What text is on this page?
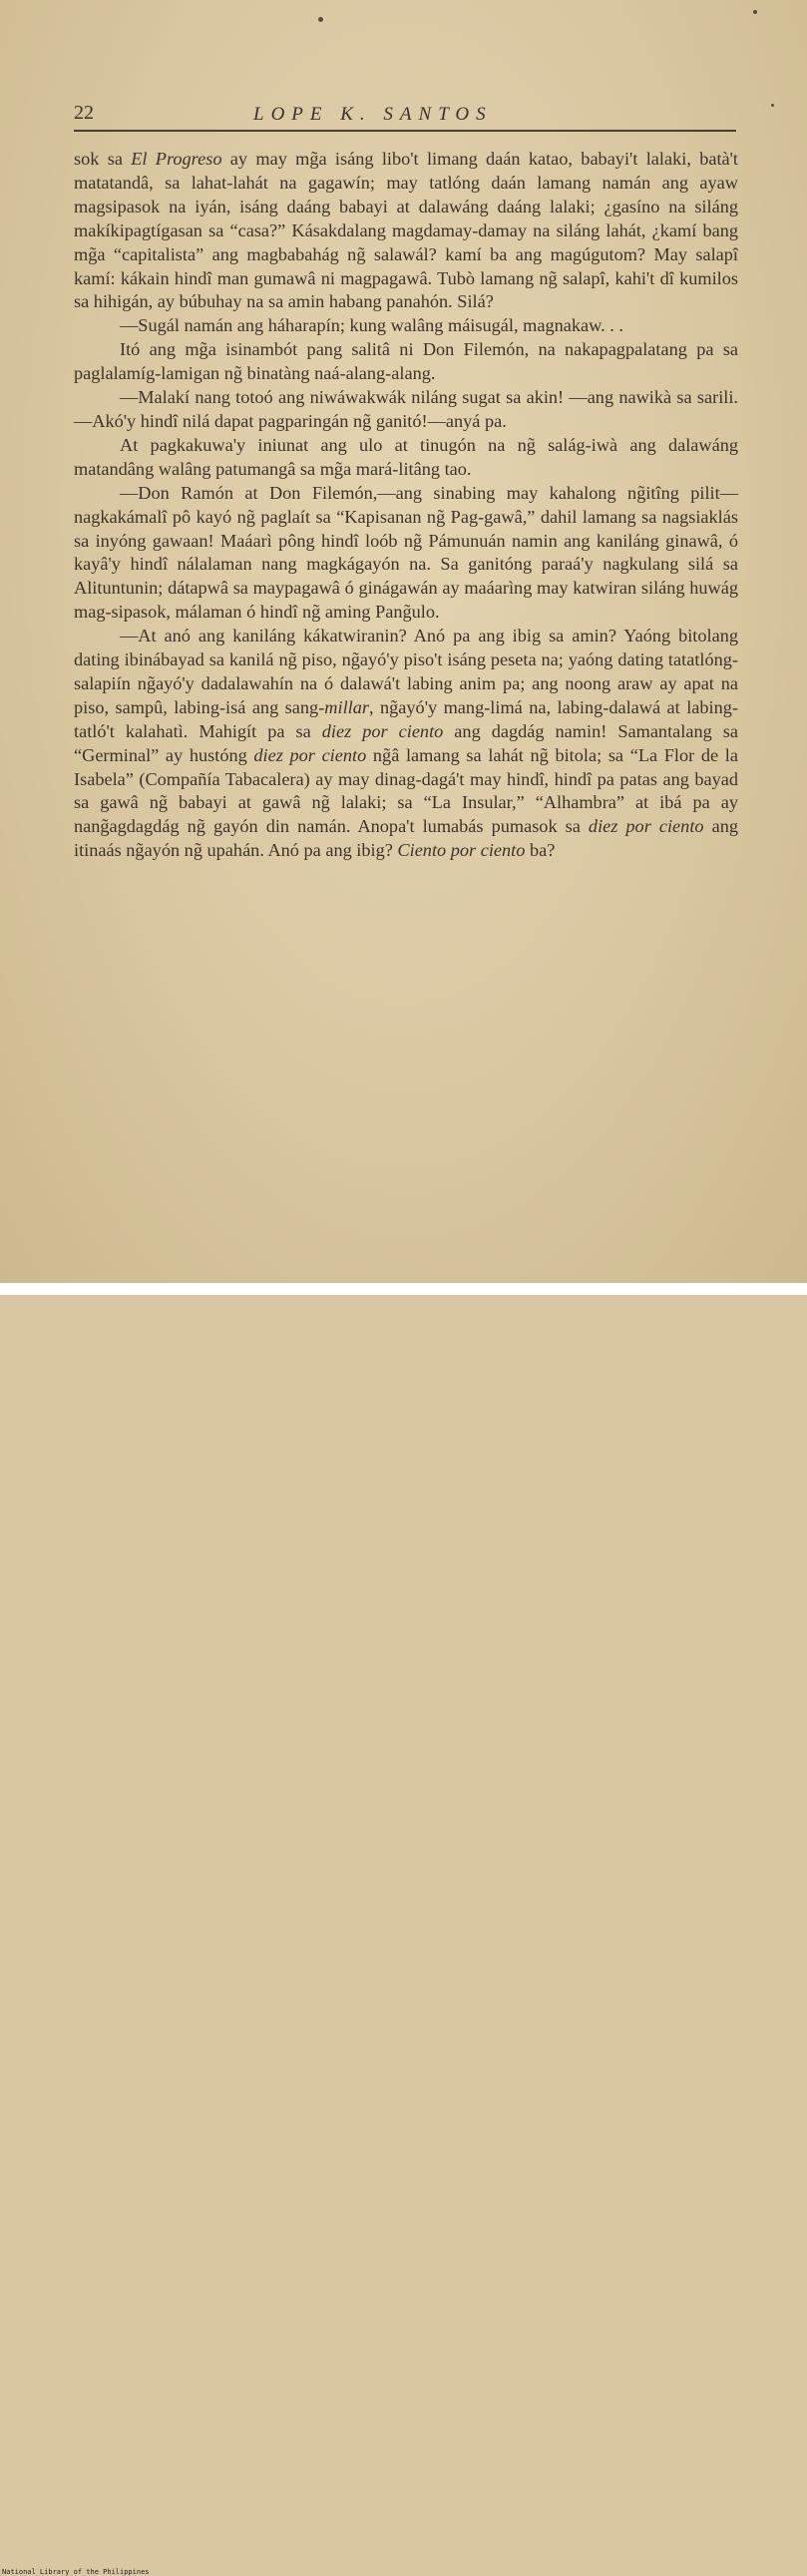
22	LOPE K. SANTOS

sok sa El Progreso ay may mg̃a isáng libo't limang daán katao, babayi't lalaki, batà't matatandâ, sa lahat-lahát na gagawín; may tatlóng daán lamang namán ang ayaw magsipasok na iyán, isáng daáng babayi at dalawáng daáng lalaki; ¿gasíno na siláng makíkipagtígasan sa “casa?” Kásakdalang magdamay-damay na siláng lahát, ¿kamí bang mg̃a “capitalista” ang magbabahág ng̃ salawál? kamí ba ang magúgutom? May salapî kamí: kákain hindî man gumawâ ni magpagawâ. Tubò lamang ng̃ salapî, kahi't dî kumilos sa hihigán, ay búbuhay na sa amin habang panahón. Silá?

—Sugál namán ang háharapín; kung walâng máisugál, magnakaw. . .

Itó ang mg̃a isinambót pang salitâ ni Don Filemón, na nakapagpalatang pa sa paglalamíg-lamigan ng̃ binatàng naá-alang-alang.

—Malakí nang totoó ang niwáwakwák niláng sugat sa akin! —ang nawikà sa sarili.—Akó'y hindî nilá dapat pagparingán ng̃ ganitó!—anyá pa.

At pagkakuwa'y iniunat ang ulo at tinugón na ng̃ salág-iwà ang dalawáng matandâng walâng patumangâ sa mg̃a mará-litâng tao.

—Don Ramón at Don Filemón,—ang sinabing may kahalong ng̃itîng pilit—nagkakámalî pô kayó ng̃ paglaít sa “Kapisanan ng̃ Pag-gawâ,” dahil lamang sa nagsiaklás sa inyóng gawaan! Maáarì pông hindî loób ng̃ Pámunuán namin ang kaniláng ginawâ, ó kayâ'y hindî nálalaman nang magkágayón na. Sa ganitóng paraá'y nagkulang silá sa Alituntunin; dátapwâ sa maypagawâ ó ginágawán ay maáarìng may katwiran siláng huwág mag-sipasok, málaman ó hindî ng̃ aming Pang̃ulo.

—At anó ang kaniláng kákatwiranin? Anó pa ang ibig sa amin? Yaóng bitolang dating ibinábayad sa kanilá ng̃ piso, ng̃ayó'y piso't isáng peseta na; yaóng dating tatatlóng-salapiín ng̃ayó'y dadalawahín na ó dalawá't labing anim pa; ang noong araw ay apat na piso, sampû, labing-isá ang sang-millar, ng̃ayó'y mang-limá na, labing-dalawá at labing-tatló't kalahatì. Mahigít pa sa diez por ciento ang dagdág namin! Samantalang sa “Germinal” ay hustóng diez por ciento ng̃â lamang sa lahát ng̃ bitola; sa “La Flor de la Isabela” (Compañía Tabacalera) ay may dinag-dagá't may hindî, hindî pa patas ang bayad sa gawâ ng̃ babayi at gawâ ng̃ lalaki; sa “La Insular,” “Alhambra” at ibá pa ay nang̃agdagdág ng̃ gayón din namán. Anopa't lumabás pumasok sa diez por ciento ang itinaás ng̃ayón ng̃ upahán. Anó pa ang ibig? Ciento por ciento ba?

National Library of the Philippines
